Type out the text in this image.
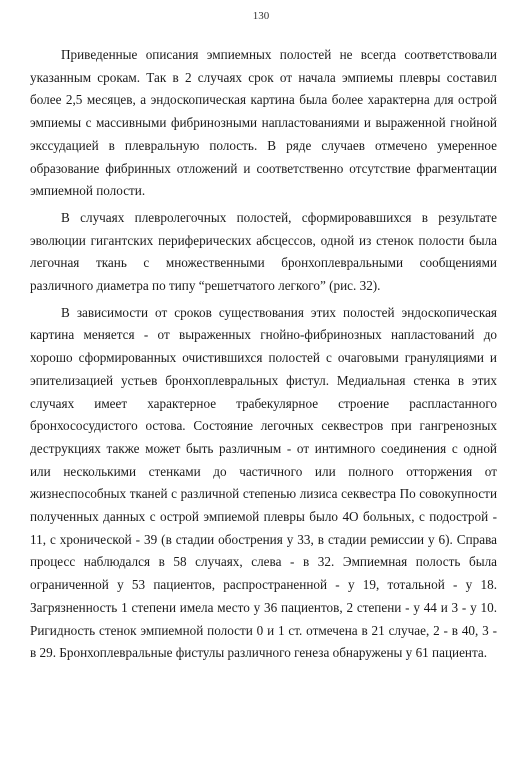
130

Приведенные описания эмпиемных полостей не всегда соответствовали указанным срокам. Так в 2 случаях срок от начала эмпиемы плевры составил более 2,5 месяцев, а эндоскопическая картина была более характерна для острой эмпиемы с массивными фибринозными напластованиями и выраженной гнойной экссудацией в плевральную полость. В ряде случаев отмечено умеренное образование фибринных отложений и соответственно отсутствие фрагментации эмпиемной полости.

В случаях плевролегочных полостей, сформировавшихся в результате эволюции гигантских периферических абсцессов, одной из стенок полости была легочная ткань с множественными бронхоплевральными сообщениями различного диаметра по типу “решетчатого легкого” (рис. 32).

В зависимости от сроков существования этих полостей эндоскопическая картина меняется - от выраженных гнойно-фибринозных напластований до хорошо сформированных очистившихся полостей с очаговыми грануляциями и эпителизацией устьев бронхоплевральных фистул. Медиальная стенка в этих случаях имеет характерное трабекулярное строение распластанного бронхососудистого остова. Состояние легочных секвестров при гангренозных деструкциях также может быть различным - от интимного соединения с одной или несколькими стенками до частичного или полного отторжения от жизнеспособных тканей с различной степенью лизиса секвестра По совокупности полученных данных с острой эмпиемой плевры было 4О больных, с подострой - 11, с хронической - 39 (в стадии обострения у 33, в стадии ремиссии у 6). Справа процесс наблюдался в 58 случаях, слева - в 32. Эмпиемная полость была ограниченной у 53 пациентов, распространенной - у 19, тотальной - у 18. Загрязненность 1 степени имела место у 36 пациентов, 2 степени - у 44 и 3 - у 10. Ригидность стенок эмпиемной полости 0 и 1 ст. отмечена в 21 случае, 2 - в 40, 3 - в 29. Бронхоплевральные фистулы различного генеза обнаружены у 61 пациента.
